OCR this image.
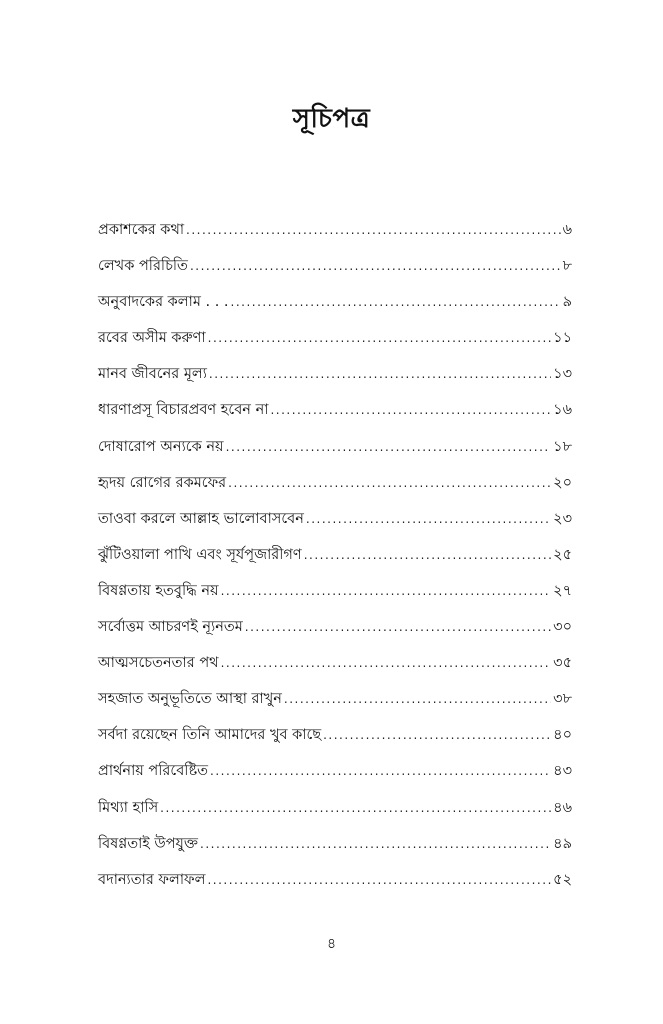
সূচিপত্র
প্রকাশকের কথা .....	৬
লেখক পরিচিতি .....	৮
অনুবাদকের কলাম . . . .....	৯
রবের অসীম করুণা .....	১১
মানব জীবনের মূল্য .....	১৩
ধারণাপ্রসূ বিচারপ্রবণ হবেন না .....	১৬
দোষারোপ অন্যকে নয় .....	১৮
হৃদয় রোগের রকমফের .....	২০
তাওবা করলে আল্লাহ ভালোবাসবেন .....	২৩
ঝুঁটিওয়ালা পাখি এবং সূর্যপূজারীগণ .....	২৫
বিষণ্ণতায় হতবুদ্ধি নয় .....	২৭
সর্বোত্তম আচরণই ন্যূনতম .....	৩০
আত্মসচেতনতার পথ .....	৩৫
সহজাত অনুভূতিতে আস্থা রাখুন .....	৩৮
সর্বদা রয়েছেন তিনি আমাদের খুব কাছে .....	৪০
প্রার্থনায় পরিবেষ্টিত .....	৪৩
মিথ্যা হাসি .....	৪৬
বিষণ্ণতাই উপযুক্ত .....	৪৯
বদান্যতার ফলাফল .....	৫২
৪
